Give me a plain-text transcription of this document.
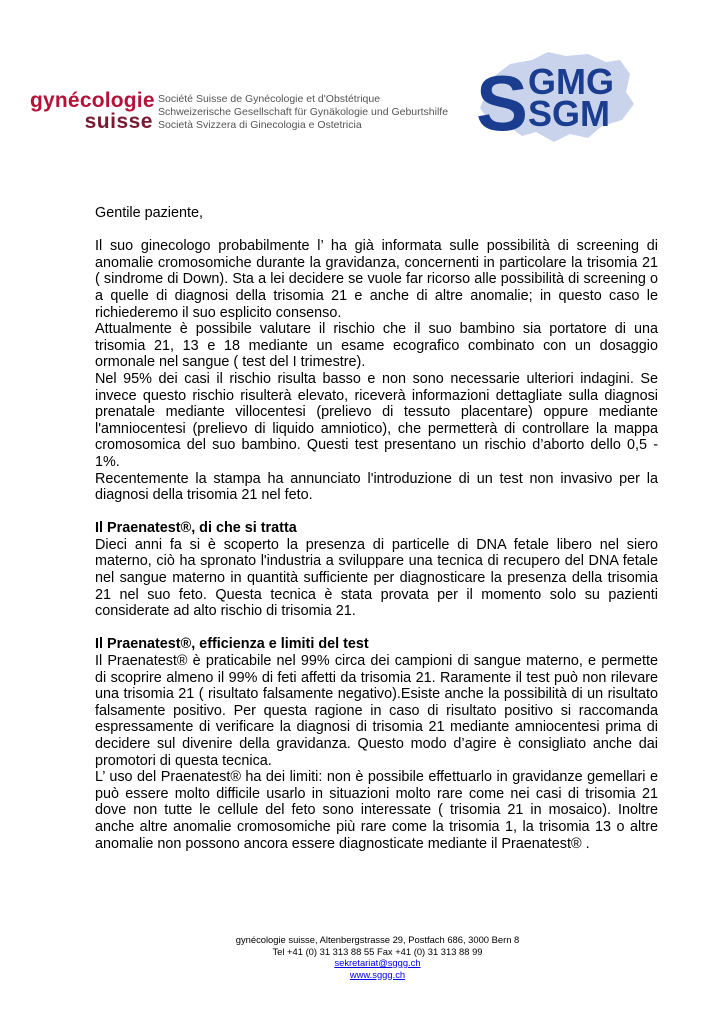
gynécologie
suisse
Société Suisse de Gynécologie et d'Obstétrique
Schweizerische Gesellschaft für Gynäkologie und Geburtshilfe
Società Svizzera di Ginecologia e Ostetricia	S GMG
SGM

Gentile paziente,

Il suo ginecologo probabilmente l’ ha già informata sulle possibilità di screening di anomalie cromosomiche durante la gravidanza, concernenti in particolare la trisomia 21 ( sindrome di Down). Sta a lei decidere se vuole far ricorso alle possibilità di screening o a quelle di diagnosi della trisomia 21 e anche di altre anomalie; in questo caso le richiederemo il suo esplicito consenso.

Attualmente è possibile valutare il rischio che il suo bambino sia portatore di una trisomia 21, 13 e 18 mediante un esame ecografico combinato con un dosaggio ormonale nel sangue ( test del I trimestre).

Nel 95% dei casi il rischio risulta basso e non sono necessarie ulteriori indagini. Se invece questo rischio risulterà elevato, riceverà informazioni dettagliate sulla diagnosi prenatale mediante villocentesi (prelievo di tessuto placentare) oppure mediante l'amniocentesi (prelievo di liquido amniotico), che permetterà di controllare la mappa cromosomica del suo bambino. Questi test presentano un rischio d’aborto dello 0,5 - 1%.

Recentemente la stampa ha annunciato l'introduzione di un test non invasivo per la diagnosi della trisomia 21 nel feto.

Il Praenatest®, di che si tratta

Dieci anni fa si è scoperto la presenza di particelle di DNA fetale libero nel siero materno, ciò ha spronato l'industria a sviluppare una tecnica di recupero del DNA fetale nel sangue materno in quantità sufficiente per diagnosticare la presenza della trisomia 21 nel suo feto. Questa tecnica è stata provata per il momento solo su pazienti considerate ad alto rischio di trisomia 21.

Il Praenatest®, efficienza e limiti del test

Il Praenatest® è praticabile nel 99% circa dei campioni di sangue materno, e permette di scoprire almeno il 99% di feti affetti da trisomia 21. Raramente il test può non rilevare una trisomia 21 ( risultato falsamente negativo).Esiste anche la possibilità di un risultato falsamente positivo. Per questa ragione in caso di risultato positivo si raccomanda espressamente di verificare la diagnosi di trisomia 21 mediante amniocentesi prima di decidere sul divenire della gravidanza. Questo modo d’agire è consigliato anche dai promotori di questa tecnica.

L’ uso del Praenatest® ha dei limiti: non è possibile effettuarlo in gravidanze gemellari e può essere molto difficile usarlo in situazioni molto rare come nei casi di trisomia 21 dove non tutte le cellule del feto sono interessate ( trisomia 21 in mosaico). Inoltre anche altre anomalie cromosomiche più rare come la trisomia 1, la trisomia 13 o altre anomalie non possono ancora essere diagnosticate mediante il Praenatest® .

gynécologie suisse, Altenbergstrasse 29, Postfach 686, 3000 Bern 8
Tel +41 (0) 31 313 88 55 Fax +41 (0) 31 313 88 99
sekretariat@sggg.ch
www.sggg.ch
